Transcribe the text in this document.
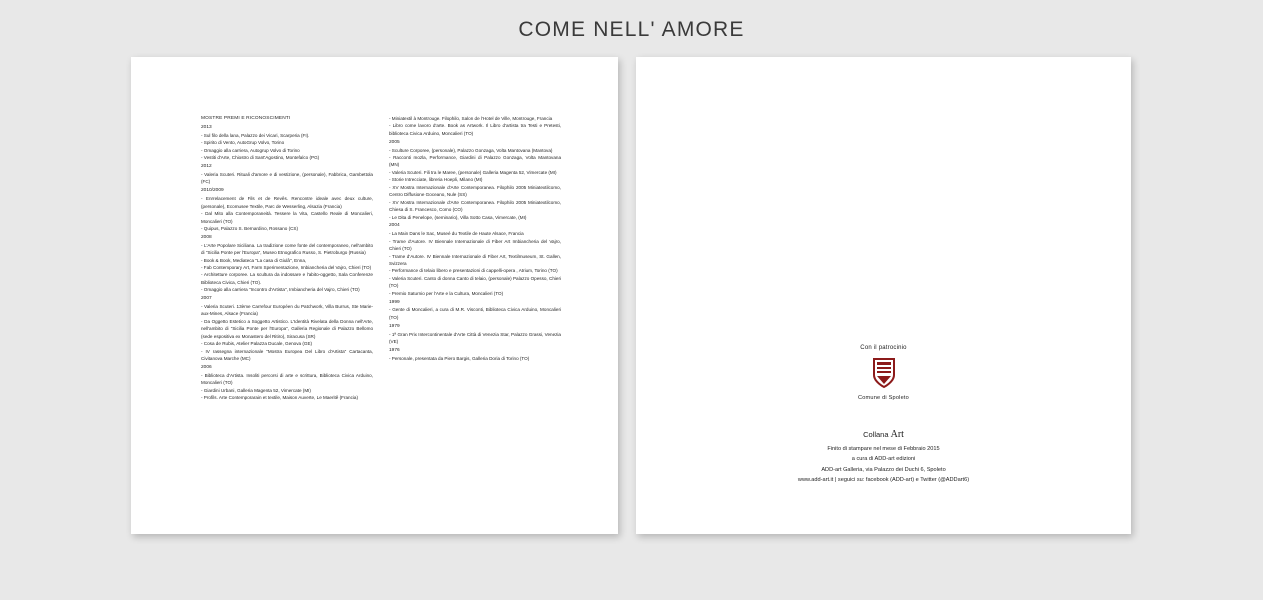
COME NELL' AMORE
MOSTRE PREMI E RICONOSCIMENTI
2013
- Sul filo della lana, Palazzo dei Vicari, Scarperia (FI).
- Spirito di Vento, AutoGrup Volvo, Torino
- Omaggio alla carriera, Autogrup Volvo di Torino
- Vestiti d'Arte, Chiostro di Sant'Agostino, Montefalco (PG)
2012
- Valeria Scuteri. Rituali d'amore e di vestizione, (personale), Fabbrica, Gambettola (FC)
2010/2009
- Enrrelacement de Fils et de Revês. Rencontre ideale avec deux culture, (personale), Ecomusee Textile, Parc de Wesserling, Alsazia (Francia)
- Dal Mito alla Contemporaneità. Tessere la Vita, Castello Reale di Moncalieri, Moncalieri (TO)
- Quipus, Palazzo S. Bernardino, Rossano (CS)
2008
- L'Arte Popolare Siciliana. La tradizione come fonte del contemporaneo, nell'ambito di "Sicilia Ponte per l'Europa", Museo Etnografico Russo, S. Pietroburgo (Russia)
- Book & Book, Mediateca "La casa di Giulâ", Enna,
- Fab Contemporary Art, Farm Sperimentazione, Imbiancheria del Vajro, Chieri (TO)
- Architetture corporee. La scultura da indossare e l'abito-oggetto, Sala Conferenze Biblioteca Civica, Chieri (TO).
- Omaggio alla carriera "Incontro d'Artista", Imbiancheria del Vajro, Chieri (TO)
2007
- Valeria Scuteri. 13ème Carrefour Européen du Patchwork, Villa Burrus, Ste Marie-aux-Mines, Alsace (Francia)
- Da Oggetto Estetico a Soggetto Artistico. L'Identità Rivelata della Donna nell'Arte, nell'ambito di "Sicilia Ponte per l'Europa", Galleria Regionale di Palazzo Bellomo (sede espositiva ex Monastero del Ritiro), Siracusa (SR)
- Cosa de Rubis, Atelier Palazza Ducale, Genova (GE)
- IV rassegna internazionale "Mostra Europea Del Libro d'Artista" Cartacanta, Civitanova Marche (MC)
2006
- Biblioteca d'Artista. Insoliti percorsi di arte e scrittura, Biblioteca Civica Arduino, Moncalieri (TO)
- Giardini Urbani, Galleria Magenta 52, Vimercate (MI)
- Profils. Arte Contemporarain et textile, Maison Auverte, Le Maeritê (Francia)
- Miniatextil à Montrouge. Filophilo, Salon de l'Hotel de Ville, Montrouge, Francia
- Libro come lavoro d'arte. Book as Artwork. Il Libro d'artista tra Testi e Pretesti, biblioteca Civica Arduino, Moncalieri (TO)
2005
- Sculture Corporee, (personale), Palazzo Gonzaga, Volta Mantovana (Mantova)
- Racconti mozla, Performance, Giardini di Palazzo Gonzaga, Volta Mantovana (MN)
- Valeria Scuteri. Fili tra le Maree, (personale) Galleria Magenta 52, Vimercate (MI)
- Storie Intrecciate, libreria Hoepli, Milano (MI)
- XV Mostra Internazionale d'Arte Contemporanea. Filophilo 2005 Miniatextilcomo, Centro Diffusione Goceano, Nule (SS)
- XV Mostra Internazionale d'Arte Contemporanea. Filophilo 2005 Miniatextilcomo, Chiesa di S. Francesco, Como (CO)
- Le Dita di Penelope, (seminario), Villa Sotto Casa, Vimercate, (MI)
2004
- La Main Dans le Sac, Museé du Textile de Haute Alsace, Francia
- Trame d'Autore. IV Biennale Internazionale di Fiber Art Imbiancheria del Vajro, Chieri (TO)
- Trame d'Autore. IV Biennale Internazionale di Fiber Art, Textilmuseum, St. Gallen, Svizzera
- Performance di telaio libero e presentazioni di cappelli-opera , Atrium, Torino (TO)
- Valeria Scuteri. Canto di donna Canto di telaio, (personale) Palazzo Opesso, Chieri (TO)
- Premio Saturnio per l'Arte e la Cultura, Moncalieri (TO)
1999
- Gente di Moncalieri, a cura di M.R. Visconti, Biblioteca Civica Arduino, Moncalieri (TO)
1979
- 1ª Gran Prix Intercontinentale d'Arte Città di Venezia Star, Palazzo Grassi, Venezia (VE)
1976
- Personale, presentata da Piero Bargis, Galleria Doria di Torino (TO)
Con il patrocinio
Comune di Spoleto
Collana Art
Finito di stampare nel mese di Febbraio 2015
a cura di ADD-art edizioni
ADD-art Galleria, via Palazzo dei Duchi 6, Spoleto
www.add-art.it | seguici su: facebook (ADD-art) e Twitter (@ADDart6)
